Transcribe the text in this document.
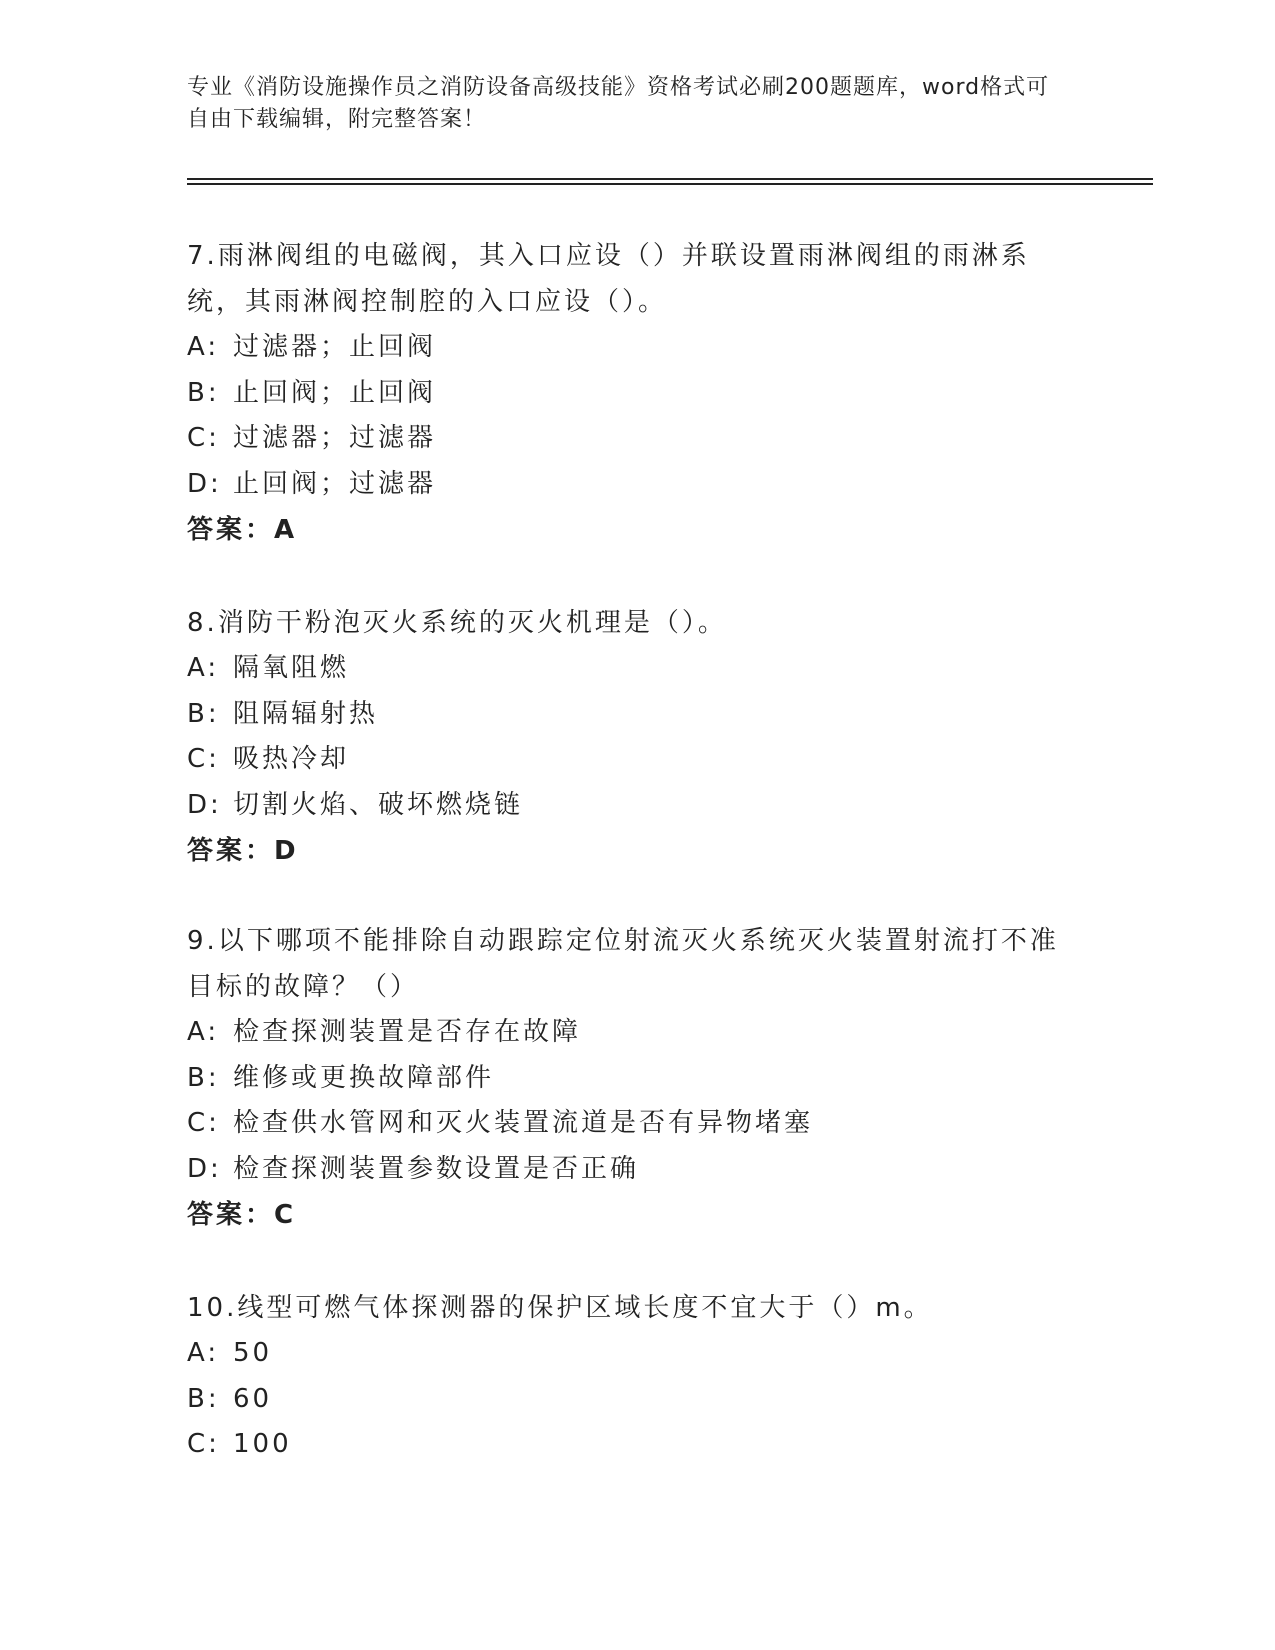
专业《消防设施操作员之消防设备高级技能》资格考试必刷200题题库，word格式可自由下载编辑，附完整答案！

7.雨淋阀组的电磁阀，其入口应设（）并联设置雨淋阀组的雨淋系统，其雨淋阀控制腔的入口应设（）。

A: 过滤器；止回阀

B: 止回阀；止回阀

C: 过滤器；过滤器

D: 止回阀；过滤器

答案： A

8.消防干粉泡灭火系统的灭火机理是（）。

A: 隔氧阻燃

B: 阻隔辐射热

C: 吸热冷却

D: 切割火焰、破坏燃烧链

答案： D

9.以下哪项不能排除自动跟踪定位射流灭火系统灭火装置射流打不准目标的故障？（）

A: 检查探测装置是否存在故障

B: 维修或更换故障部件

C: 检查供水管网和灭火装置流道是否有异物堵塞

D: 检查探测装置参数设置是否正确

答案： C

10.线型可燃气体探测器的保护区域长度不宜大于（）m。

A: 50

B: 60

C: 100
